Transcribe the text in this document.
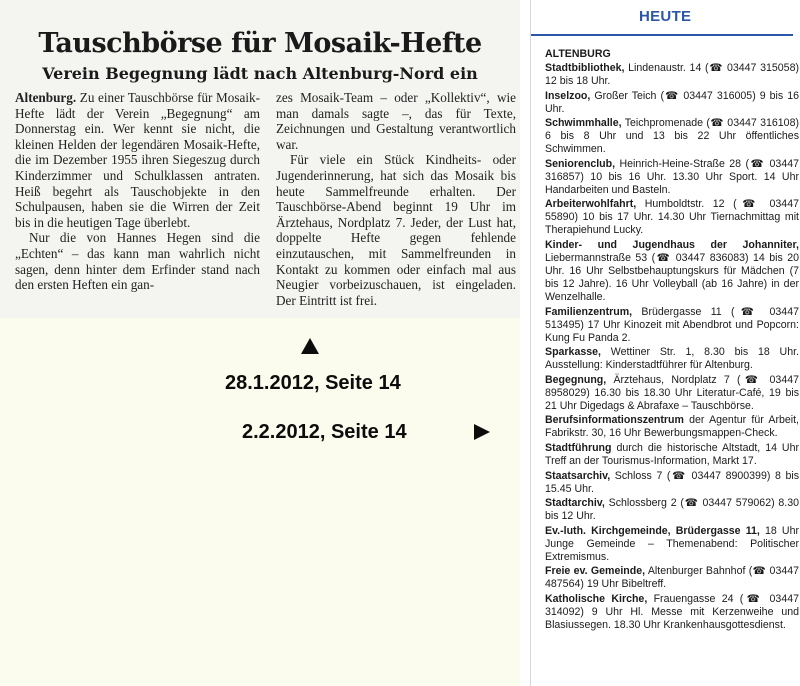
Tauschbörse für Mosaik-Hefte
Verein Begegnung lädt nach Altenburg-Nord ein

Altenburg. Zu einer Tauschbörse für Mosaik-Hefte lädt der Verein „Begegnung“ am Donnerstag ein. Wer kennt sie nicht, die kleinen Helden der legendären Mosaik-Hefte, die im Dezember 1955 ihren Siegeszug durch Kinderzimmer und Schulklassen antraten. Heiß begehrt als Tauschobjekte in den Schulpausen, haben sie die Wirren der Zeit bis in die heutigen Tage überlebt.

Nur die von Hannes Hegen sind die „Echten“ – das kann man wahrlich nicht sagen, denn hinter dem Erfinder stand nach den ersten Heften ein gan-

zes Mosaik-Team – oder „Kollektiv“, wie man damals sagte –, das für Texte, Zeichnungen und Gestaltung verantwortlich war.

Für viele ein Stück Kindheits- oder Jugenderinnerung, hat sich das Mosaik bis heute Sammelfreunde erhalten. Der Tauschbörse-Abend beginnt 19 Uhr im Ärztehaus, Nordplatz 7. Jeder, der Lust hat, doppelte Hefte gegen fehlende einzutauschen, mit Sammelfreunden in Kontakt zu kommen oder einfach mal aus Neugier vorbeizuschauen, ist eingeladen. Der Eintritt ist frei.

28.1.2012, Seite 14
2.2.2012, Seite 14
HEUTE
ALTENBURG

Stadtbibliothek, Lindenaustr. 14 (☎ 03447 315058) 12 bis 18 Uhr.

Inselzoo, Großer Teich (☎ 03447 316005) 9 bis 16 Uhr.

Schwimmhalle, Teichpromenade (☎ 03447 316108) 6 bis 8 Uhr und 13 bis 22 Uhr öffentliches Schwimmen.

Seniorenclub, Heinrich-Heine-Straße 28 (☎ 03447 316857) 10 bis 16 Uhr. 13.30 Uhr Sport. 14 Uhr Handarbeiten und Basteln.

Arbeiterwohlfahrt, Humboldtstr. 12 (☎ 03447 55890) 10 bis 17 Uhr. 14.30 Uhr Tiernachmittag mit Therapiehund Lucky.

Kinder- und Jugendhaus der Johanniter, Liebermannstraße 53 (☎ 03447 836083) 14 bis 20 Uhr. 16 Uhr Selbstbehauptungskurs für Mädchen (7 bis 12 Jahre). 16 Uhr Volleyball (ab 16 Jahre) in der Wenzelhalle.

Familienzentrum, Brüdergasse 11 (☎ 03447 513495) 17 Uhr Kinozeit mit Abendbrot und Popcorn: Kung Fu Panda 2.

Sparkasse, Wettiner Str. 1, 8.30 bis 18 Uhr. Ausstellung: Kinderstadtführer für Altenburg.

Begegnung, Ärztehaus, Nordplatz 7 (☎ 03447 8958029) 16.30 bis 18.30 Uhr Literatur-Café, 19 bis 21 Uhr Digedags & Abrafaxe – Tauschbörse.

Berufsinformationszentrum der Agentur für Arbeit, Fabrikstr. 30, 16 Uhr Bewerbungsmappen-Check.

Stadtführung durch die historische Altstadt, 14 Uhr Treff an der Tourismus-Information, Markt 17.

Staatsarchiv, Schloss 7 (☎ 03447 8900399) 8 bis 15.45 Uhr.

Stadtarchiv, Schlossberg 2 (☎ 03447 579062) 8.30 bis 12 Uhr.

Ev.-luth. Kirchgemeinde, Brüdergasse 11, 18 Uhr Junge Gemeinde – Themenabend: Politischer Extremismus.

Freie ev. Gemeinde, Altenburger Bahnhof (☎ 03447 487564) 19 Uhr Bibeltreff.

Katholische Kirche, Frauengasse 24 (☎ 03447 314092) 9 Uhr Hl. Messe mit Kerzenweihe und Blasiussegen. 18.30 Uhr Krankenhausgottesdienst.
